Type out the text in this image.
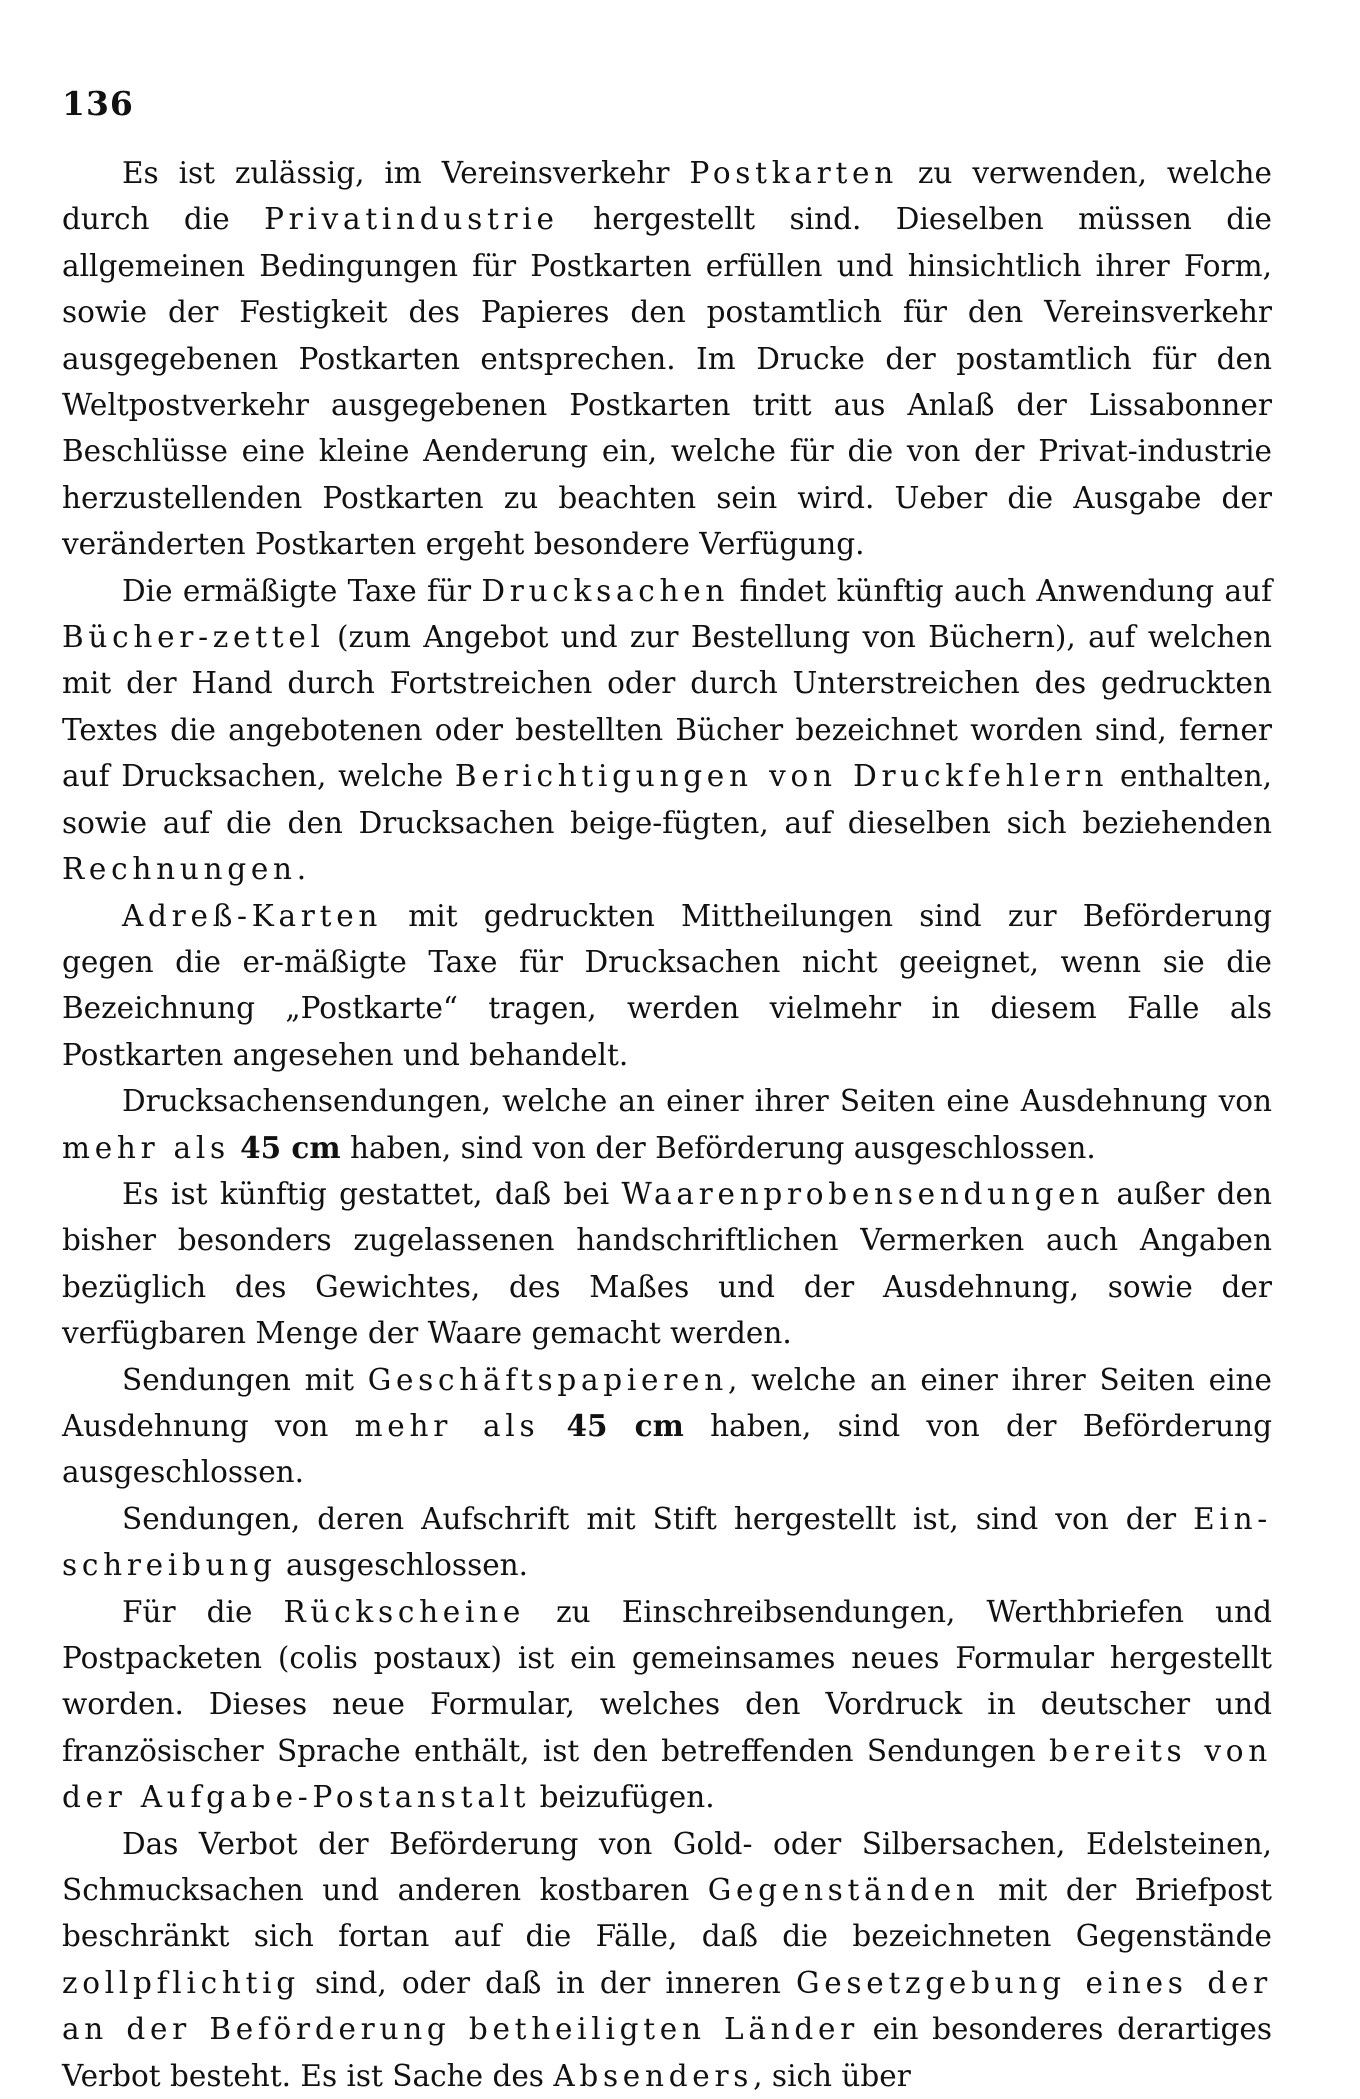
136

Es ist zulässig, im Vereinsverkehr Postkarten zu verwenden, welche durch die Privatindustrie hergestellt sind. Dieselben müssen die allgemeinen Bedingungen für Postkarten erfüllen und hinsichtlich ihrer Form, sowie der Festigkeit des Papieres den postamtlich für den Vereinsverkehr ausgegebenen Postkarten entsprechen. Im Drucke der postamtlich für den Weltpostverkehr ausgegebenen Postkarten tritt aus Anlaß der Lissabonner Beschlüsse eine kleine Aenderung ein, welche für die von der Privat-industrie herzustellenden Postkarten zu beachten sein wird. Ueber die Ausgabe der veränderten Postkarten ergeht besondere Verfügung.

Die ermäßigte Taxe für Drucksachen findet künftig auch Anwendung auf Bücher-zettel (zum Angebot und zur Bestellung von Büchern), auf welchen mit der Hand durch Fortstreichen oder durch Unterstreichen des gedruckten Textes die angebotenen oder bestellten Bücher bezeichnet worden sind, ferner auf Drucksachen, welche Berichtigungen von Druckfehlern enthalten, sowie auf die den Drucksachen beige-fügten, auf dieselben sich beziehenden Rechnungen.

Adreß-Karten mit gedruckten Mittheilungen sind zur Beförderung gegen die er-mäßigte Taxe für Drucksachen nicht geeignet, wenn sie die Bezeichnung „Postkarte“ tragen, werden vielmehr in diesem Falle als Postkarten angesehen und behandelt.

Drucksachensendungen, welche an einer ihrer Seiten eine Ausdehnung von mehr als 45 cm haben, sind von der Beförderung ausgeschlossen.

Es ist künftig gestattet, daß bei Waarenprobensendungen außer den bisher besonders zugelassenen handschriftlichen Vermerken auch Angaben bezüglich des Gewichtes, des Maßes und der Ausdehnung, sowie der verfügbaren Menge der Waare gemacht werden.

Sendungen mit Geschäftspapieren, welche an einer ihrer Seiten eine Ausdehnung von mehr als 45 cm haben, sind von der Beförderung ausgeschlossen.

Sendungen, deren Aufschrift mit Stift hergestellt ist, sind von der Ein-schreibung ausgeschlossen.

Für die Rückscheine zu Einschreibsendungen, Werthbriefen und Postpacketen (colis postaux) ist ein gemeinsames neues Formular hergestellt worden. Dieses neue Formular, welches den Vordruck in deutscher und französischer Sprache enthält, ist den betreffenden Sendungen bereits von der Aufgabe-Postanstalt beizufügen.

Das Verbot der Beförderung von Gold- oder Silbersachen, Edelsteinen, Schmucksachen und anderen kostbaren Gegenständen mit der Briefpost beschränkt sich fortan auf die Fälle, daß die bezeichneten Gegenstände zollpflichtig sind, oder daß in der inneren Gesetzgebung eines der an der Beförderung betheiligten Länder ein besonderes derartiges Verbot besteht. Es ist Sache des Absenders, sich über
